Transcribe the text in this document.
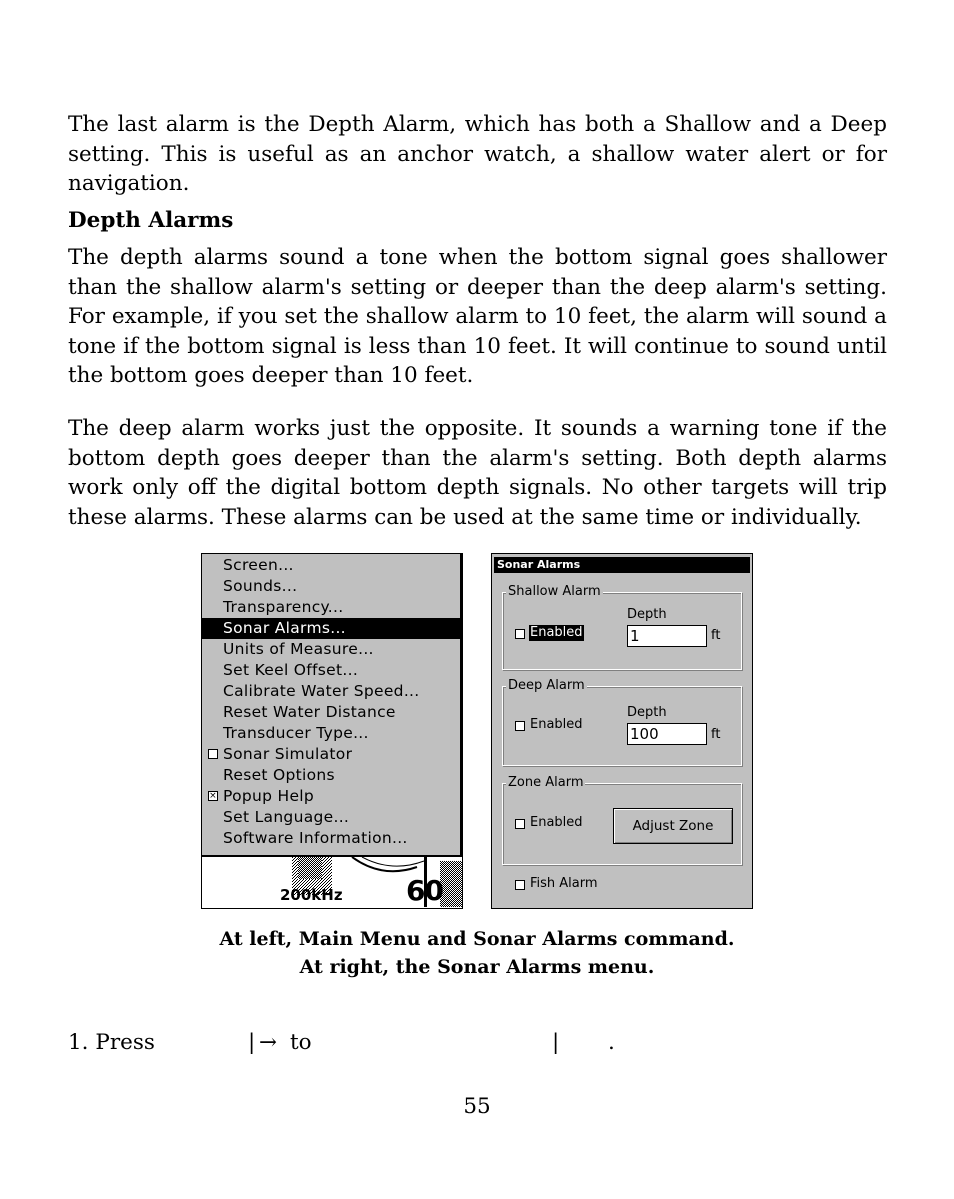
The last alarm is the Depth Alarm, which has both a Shallow and a Deep setting. This is useful as an anchor watch, a shallow water alert or for navigation.

Depth Alarms

The depth alarms sound a tone when the bottom signal goes shallower than the shallow alarm's setting or deeper than the deep alarm's setting. For example, if you set the shallow alarm to 10 feet, the alarm will sound a tone if the bottom signal is less than 10 feet. It will continue to sound until the bottom goes deeper than 10 feet.

The deep alarm works just the opposite. It sounds a warning tone if the bottom depth goes deeper than the alarm's setting. Both depth alarms work only off the digital bottom depth signals. No other targets will trip these alarms. These alarms can be used at the same time or individually.

Screen...
Sounds...
Transparency...
Sonar Alarms...
Units of Measure...
Set Keel Offset...
Calibrate Water Speed...
Reset Water Distance
Transducer Type...
Sonar Simulator
Reset Options
× Popup Help
Set Language...
Software Information...
200kHz 60
Sonar Alarms
Shallow Alarm
Enabled
Depth
1	ft
Deep Alarm
Enabled
Depth
100	ft
Zone Alarm
Enabled	Adjust Zone
Fish Alarm

At left, Main Menu and Sonar Alarms command.

At right, the Sonar Alarms menu.

1. Press	| → to	| .
55
